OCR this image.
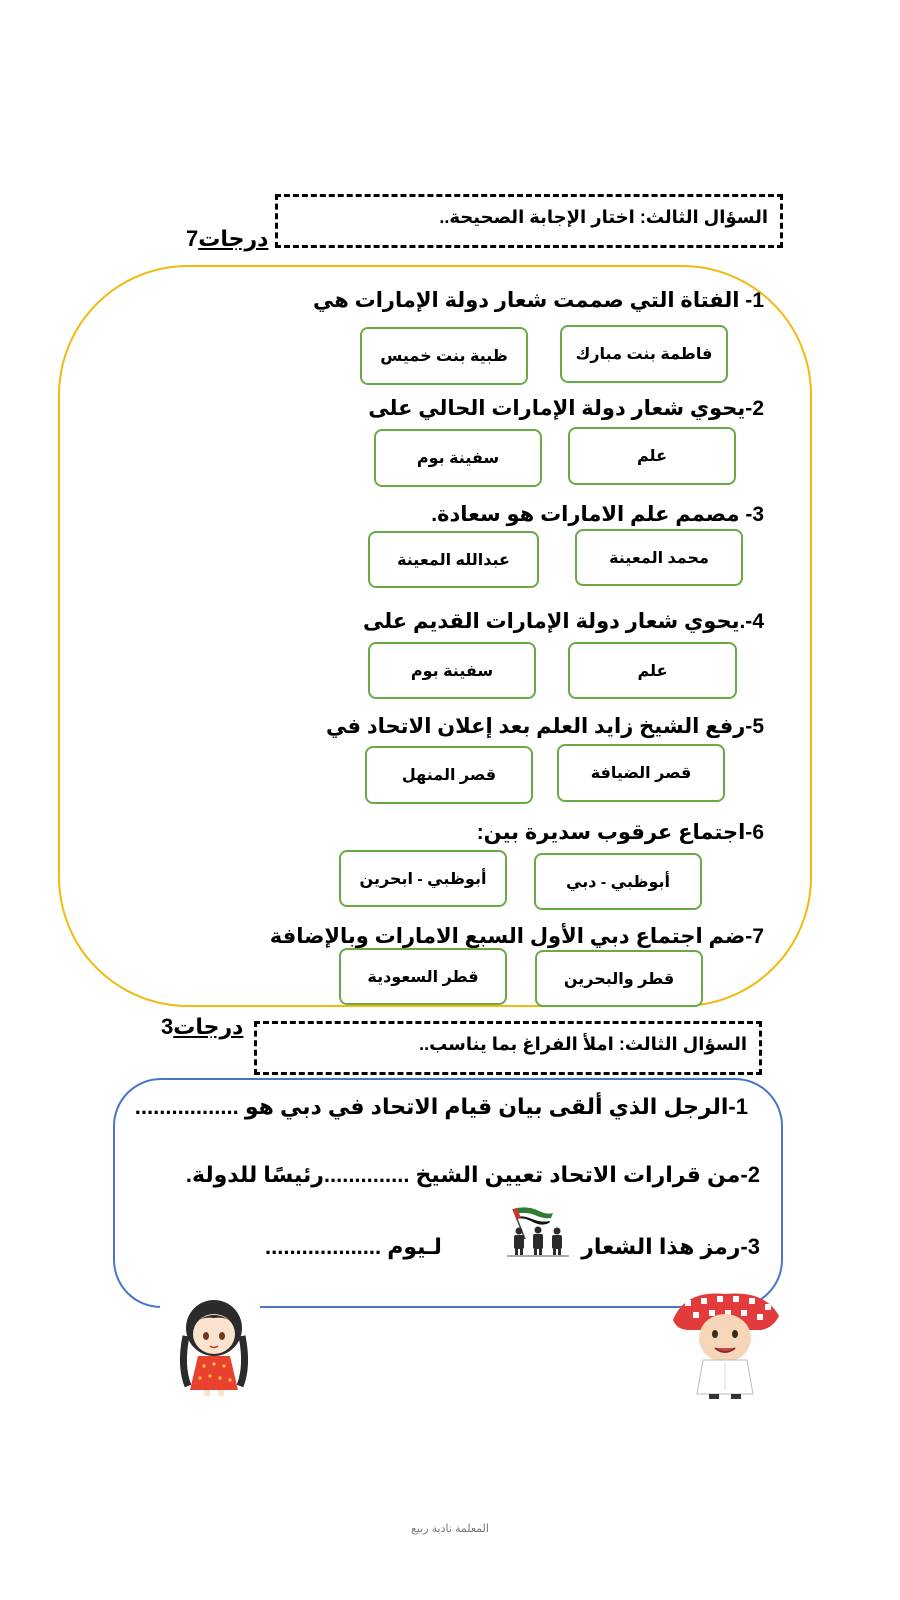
السؤال الثالث: اختار الإجابة الصحيحة..
درجات7
1- الفتاة التي صممت شعار دولة الإمارات هي
فاطمة بنت مبارك
ظبية بنت خميس
2-يحوي شعار دولة الإمارات الحالي على
علم
سفينة بوم
3- مصمم علم الامارات هو سعادة.
محمد المعينة
عبدالله المعينة
4-.يحوي شعار دولة الإمارات القديم على
علم
سفينة بوم
5-رفع الشيخ زايد العلم بعد إعلان الاتحاد في
قصر الضيافة
قصر المنهل
6-اجتماع عرقوب سديرة بين:
أبوظبي - دبي
أبوظبي - ابحرين
7-ضم اجتماع دبي الأول السبع الامارات وبالإضافة
قطر والبحرين
قطر السعودية
السؤال الثالث: املأ الفراغ بما يناسب..
درجات3
1-الرجل الذي ألقى بيان قيام الاتحاد في دبي هو .................
2-من قرارات الاتحاد تعيين الشيخ ..............رئيسًا للدولة.
3-رمز هذا الشعار
لـيوم ...................
المعلمة نادية ربيع
